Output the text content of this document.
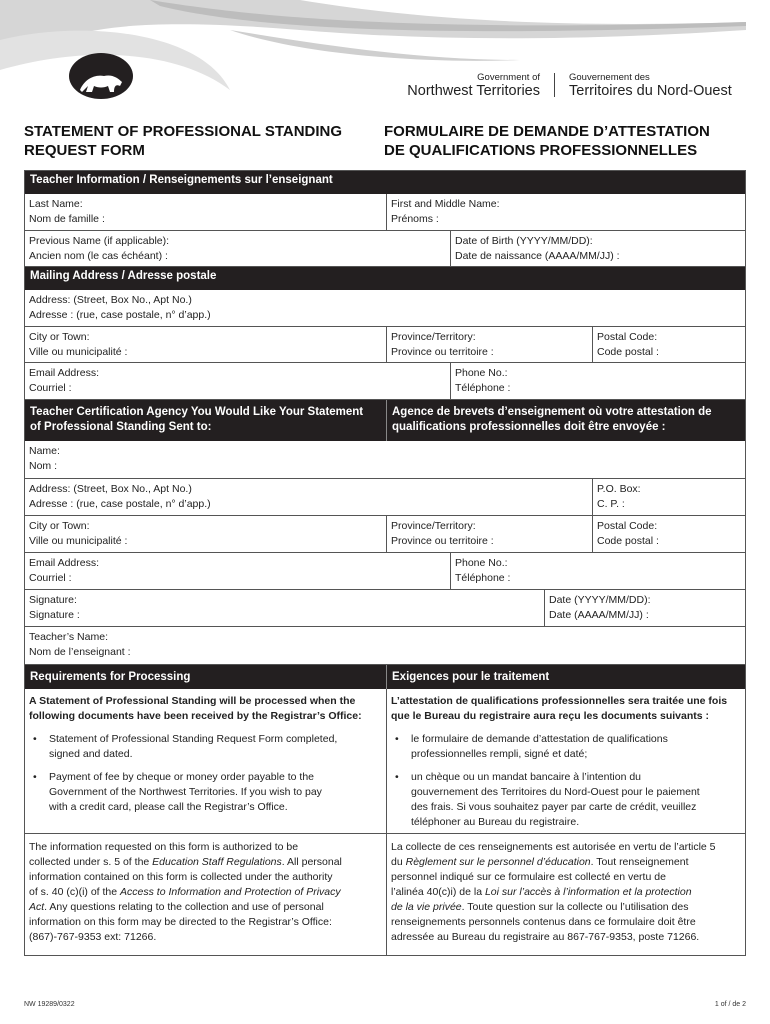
Government of
Northwest Territories
Gouvernement des
Territoires du Nord-Ouest
STATEMENT OF PROFESSIONAL STANDING
REQUEST FORM
FORMULAIRE DE DEMANDE D’ATTESTATION
DE QUALIFICATIONS PROFESSIONNELLES
Teacher Information / Renseignements sur l’enseignant
Last Name:
Nom de famille :
First and Middle Name:
Prénoms :
Previous Name (if applicable):
Ancien nom (le cas échéant) :
Date of Birth (YYYY/MM/DD):
Date de naissance (AAAA/MM/JJ) :
Mailing Address / Adresse postale
Address: (Street, Box No., Apt No.)
Adresse : (rue, case postale, n° d’app.)
City or Town:
Ville ou municipalité :
Province/Territory:
Province ou territoire :
Postal Code:
Code postal :
Email Address:
Courriel :
Phone No.:
Téléphone :
Teacher Certification Agency You Would Like Your Statement
of Professional Standing Sent to:
Agence de brevets d’enseignement où votre attestation de
qualifications professionnelles doit être envoyée :
Name:
Nom :
Address: (Street, Box No., Apt No.)
Adresse : (rue, case postale, n° d’app.)
P.O. Box:
C. P. :
City or Town:
Ville ou municipalité :
Province/Territory:
Province ou territoire :
Postal Code:
Code postal :
Email Address:
Courriel :
Phone No.:
Téléphone :
Signature:
Signature :
Date (YYYY/MM/DD):
Date (AAAA/MM/JJ) :
Teacher’s Name:
Nom de l’enseignant :
Requirements for Processing	Exigences pour le traitement
A Statement of Professional Standing will be processed when the
following documents have been received by the Registrar’s Office:
• Statement of Professional Standing Request Form completed,
signed and dated.
• Payment of fee by cheque or money order payable to the
Government of the Northwest Territories. If you wish to pay
with a credit card, please call the Registrar’s Office.
L’attestation de qualifications professionnelles sera traitée une fois
que le Bureau du registraire aura reçu les documents suivants :
• le formulaire de demande d’attestation de qualifications
professionnelles rempli, signé et daté;
• un chèque ou un mandat bancaire à l’intention du
gouvernement des Territoires du Nord-Ouest pour le paiement
des frais. Si vous souhaitez payer par carte de crédit, veuillez
téléphoner au Bureau du registraire.
The information requested on this form is authorized to be
collected under s. 5 of the Education Staff Regulations. All personal
information contained on this form is collected under the authority
of s. 40 (c)(i) of the Access to Information and Protection of Privacy
Act. Any questions relating to the collection and use of personal
information on this form may be directed to the Registrar’s Office:
(867)-767-9353 ext: 71266.
La collecte de ces renseignements est autorisée en vertu de l’article 5
du Règlement sur le personnel d’éducation. Tout renseignement
personnel indiqué sur ce formulaire est collecté en vertu de
l’alinéa 40(c)i) de la Loi sur l’accès à l’information et la protection
de la vie privée. Toute question sur la collecte ou l’utilisation des
renseignements personnels contenus dans ce formulaire doit être
adressée au Bureau du registraire au 867-767-9353, poste 71266.
NW 19289/0322	1 of / de 2
